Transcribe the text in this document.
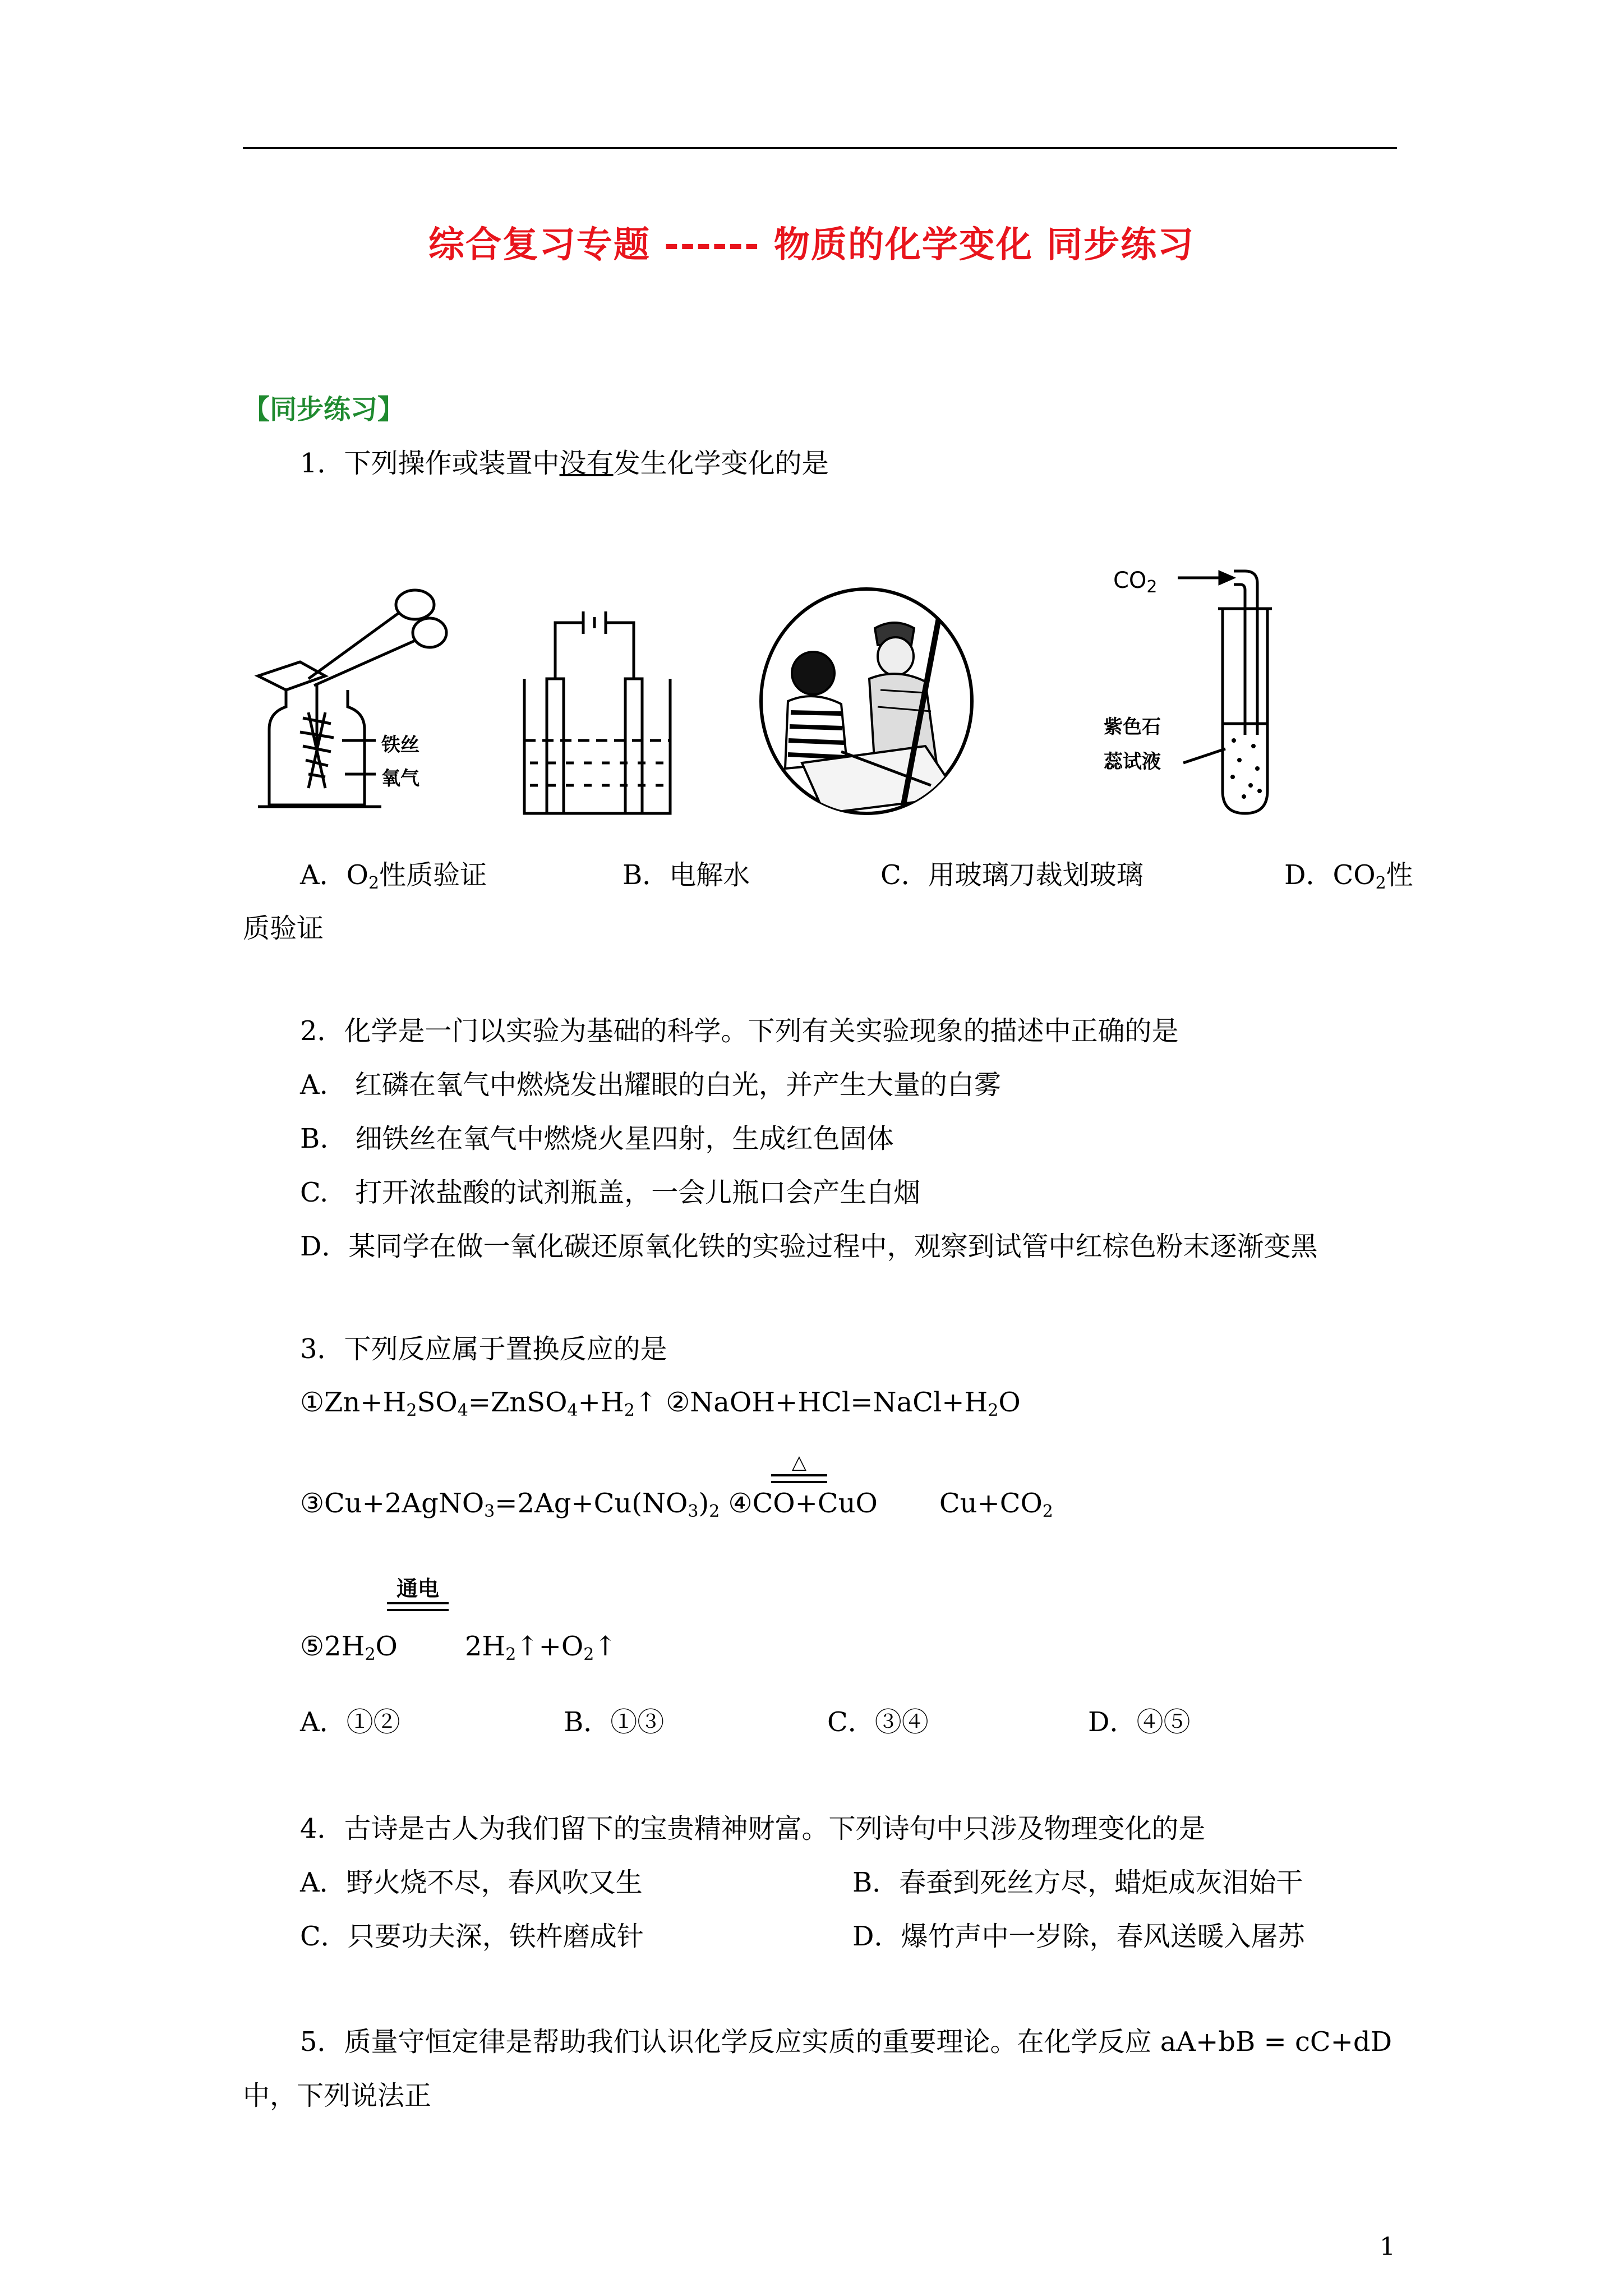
综合复习专题 ------ 物质的化学变化 同步练习
【同步练习】
1．下列操作或装置中没有发生化学变化的是
铁丝
氧气
$CO_2$
紫色石
蕊试液
A．$O_2$性质验证	B．电解水	C．用玻璃刀裁划玻璃	D．$CO_2$性
质验证
2．化学是一门以实验为基础的科学。下列有关实验现象的描述中正确的是
A.　红磷在氧气中燃烧发出耀眼的白光，并产生大量的白雾
B.　细铁丝在氧气中燃烧火星四射，生成红色固体
C.　打开浓盐酸的试剂瓶盖，一会儿瓶口会产生白烟
D．某同学在做一氧化碳还原氧化铁的实验过程中，观察到试管中红棕色粉末逐渐变黑
3．下列反应属于置换反应的是
$①Zn+H_2SO_4=ZnSO_4+H_2↑$ $②NaOH+HCl=NaCl+H_2O$
△
$③Cu+2AgNO_3=2Ag+Cu(NO_3)_2$ ④CO+CuO $Cu+CO_2$
通电
$⑤2H_2O$	$2H_2↑+O_2↑$
A．①②	B．①③	C．③④	D．④⑤
4．古诗是古人为我们留下的宝贵精神财富。下列诗句中只涉及物理变化的是
A．野火烧不尽，春风吹又生	B．春蚕到死丝方尽，蜡炬成灰泪始干
C．只要功夫深，铁杵磨成针	D．爆竹声中一岁除，春风送暖入屠苏
5．质量守恒定律是帮助我们认识化学反应实质的重要理论。在化学反应 aA+bB = cC+dD
中，下列说法正
1
